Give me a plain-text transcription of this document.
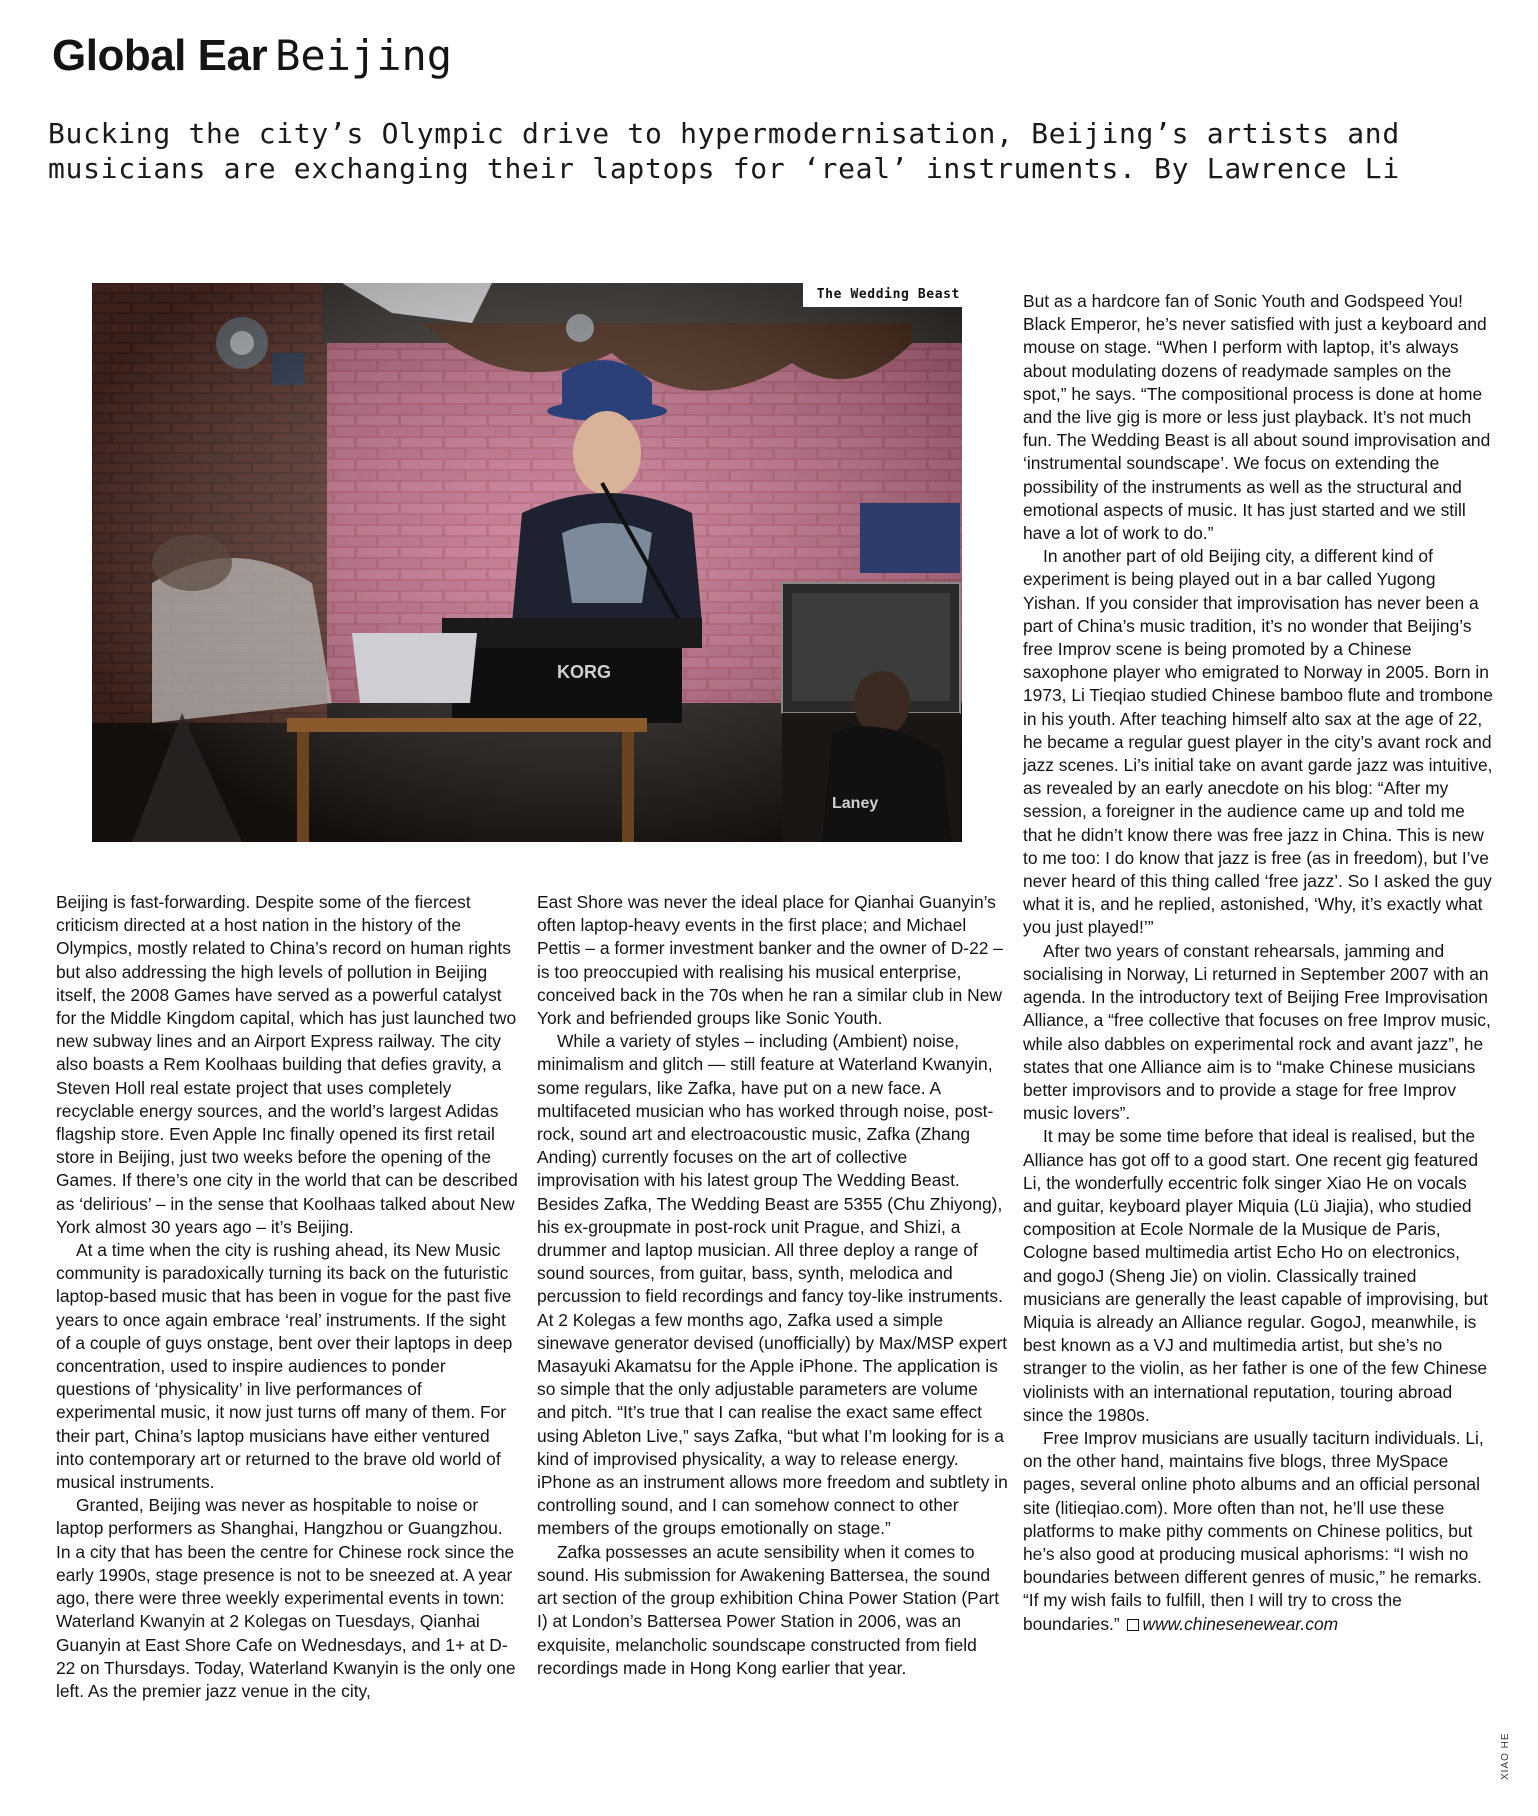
Global Ear Beijing
Bucking the city’s Olympic drive to hypermodernisation, Beijing’s artists and musicians are exchanging their laptops for ‘real’ instruments. By Lawrence Li
KORG
Laney
The Wedding Beast

Beijing is fast-forwarding. Despite some of the fiercest criticism directed at a host nation in the history of the Olympics, mostly related to China’s record on human rights but also addressing the high levels of pollution in Beijing itself, the 2008 Games have served as a powerful catalyst for the Middle Kingdom capital, which has just launched two new subway lines and an Airport Express railway. The city also boasts a Rem Koolhaas building that defies gravity, a Steven Holl real estate project that uses completely recyclable energy sources, and the world’s largest Adidas flagship store. Even Apple Inc finally opened its first retail store in Beijing, just two weeks before the opening of the Games. If there’s one city in the world that can be described as ‘delirious’ – in the sense that Koolhaas talked about New York almost 30 years ago – it’s Beijing.

At a time when the city is rushing ahead, its New Music community is paradoxically turning its back on the futuristic laptop-based music that has been in vogue for the past five years to once again embrace ‘real’ instruments. If the sight of a couple of guys onstage, bent over their laptops in deep concentration, used to inspire audiences to ponder questions of ‘physicality’ in live performances of experimental music, it now just turns off many of them. For their part, China’s laptop musicians have either ventured into contemporary art or returned to the brave old world of musical instruments.

Granted, Beijing was never as hospitable to noise or laptop performers as Shanghai, Hangzhou or Guangzhou. In a city that has been the centre for Chinese rock since the early 1990s, stage presence is not to be sneezed at. A year ago, there were three weekly experimental events in town: Waterland Kwanyin at 2 Kolegas on Tuesdays, Qianhai Guanyin at East Shore Cafe on Wednesdays, and 1+ at D-22 on Thursdays. Today, Waterland Kwanyin is the only one left. As the premier jazz venue in the city,

East Shore was never the ideal place for Qianhai Guanyin’s often laptop-heavy events in the first place; and Michael Pettis – a former investment banker and the owner of D-22 – is too preoccupied with realising his musical enterprise, conceived back in the 70s when he ran a similar club in New York and befriended groups like Sonic Youth.

While a variety of styles – including (Ambient) noise, minimalism and glitch — still feature at Waterland Kwanyin, some regulars, like Zafka, have put on a new face. A multifaceted musician who has worked through noise, post-rock, sound art and electroacoustic music, Zafka (Zhang Anding) currently focuses on the art of collective improvisation with his latest group The Wedding Beast. Besides Zafka, The Wedding Beast are 5355 (Chu Zhiyong), his ex-groupmate in post-rock unit Prague, and Shizi, a drummer and laptop musician. All three deploy a range of sound sources, from guitar, bass, synth, melodica and percussion to field recordings and fancy toy-like instruments. At 2 Kolegas a few months ago, Zafka used a simple sinewave generator devised (unofficially) by Max/MSP expert Masayuki Akamatsu for the Apple iPhone. The application is so simple that the only adjustable parameters are volume and pitch. “It’s true that I can realise the exact same effect using Ableton Live,” says Zafka, “but what I’m looking for is a kind of improvised physicality, a way to release energy. iPhone as an instrument allows more freedom and subtlety in controlling sound, and I can somehow connect to other members of the groups emotionally on stage.”

Zafka possesses an acute sensibility when it comes to sound. His submission for Awakening Battersea, the sound art section of the group exhibition China Power Station (Part I) at London’s Battersea Power Station in 2006, was an exquisite, melancholic soundscape constructed from field recordings made in Hong Kong earlier that year.

But as a hardcore fan of Sonic Youth and Godspeed You! Black Emperor, he’s never satisfied with just a keyboard and mouse on stage. “When I perform with laptop, it’s always about modulating dozens of readymade samples on the spot,” he says. “The compositional process is done at home and the live gig is more or less just playback. It’s not much fun. The Wedding Beast is all about sound improvisation and ‘instrumental soundscape’. We focus on extending the possibility of the instruments as well as the structural and emotional aspects of music. It has just started and we still have a lot of work to do.”

In another part of old Beijing city, a different kind of experiment is being played out in a bar called Yugong Yishan. If you consider that improvisation has never been a part of China’s music tradition, it’s no wonder that Beijing’s free Improv scene is being promoted by a Chinese saxophone player who emigrated to Norway in 2005. Born in 1973, Li Tieqiao studied Chinese bamboo flute and trombone in his youth. After teaching himself alto sax at the age of 22, he became a regular guest player in the city’s avant rock and jazz scenes. Li’s initial take on avant garde jazz was intuitive, as revealed by an early anecdote on his blog: “After my session, a foreigner in the audience came up and told me that he didn’t know there was free jazz in China. This is new to me too: I do know that jazz is free (as in freedom), but I’ve never heard of this thing called ‘free jazz’. So I asked the guy what it is, and he replied, astonished, ‘Why, it’s exactly what you just played!’”

After two years of constant rehearsals, jamming and socialising in Norway, Li returned in September 2007 with an agenda. In the introductory text of Beijing Free Improvisation Alliance, a “free collective that focuses on free Improv music, while also dabbles on experimental rock and avant jazz”, he states that one Alliance aim is to “make Chinese musicians better improvisors and to provide a stage for free Improv music lovers”.

It may be some time before that ideal is realised, but the Alliance has got off to a good start. One recent gig featured Li, the wonderfully eccentric folk singer Xiao He on vocals and guitar, keyboard player Miquia (Lü Jiajia), who studied composition at Ecole Normale de la Musique de Paris, Cologne based multimedia artist Echo Ho on electronics, and gogoJ (Sheng Jie) on violin. Classically trained musicians are generally the least capable of improvising, but Miquia is already an Alliance regular. GogoJ, meanwhile, is best known as a VJ and multimedia artist, but she’s no stranger to the violin, as her father is one of the few Chinese violinists with an international reputation, touring abroad since the 1980s.

Free Improv musicians are usually taciturn individuals. Li, on the other hand, maintains five blogs, three MySpace pages, several online photo albums and an official personal site (litieqiao.com). More often than not, he’ll use these platforms to make pithy comments on Chinese politics, but he’s also good at producing musical aphorisms: “I wish no boundaries between different genres of music,” he remarks. “If my wish fails to fulfill, then I will try to cross the boundaries.” www.chinesenewear.com

XIAO HE
